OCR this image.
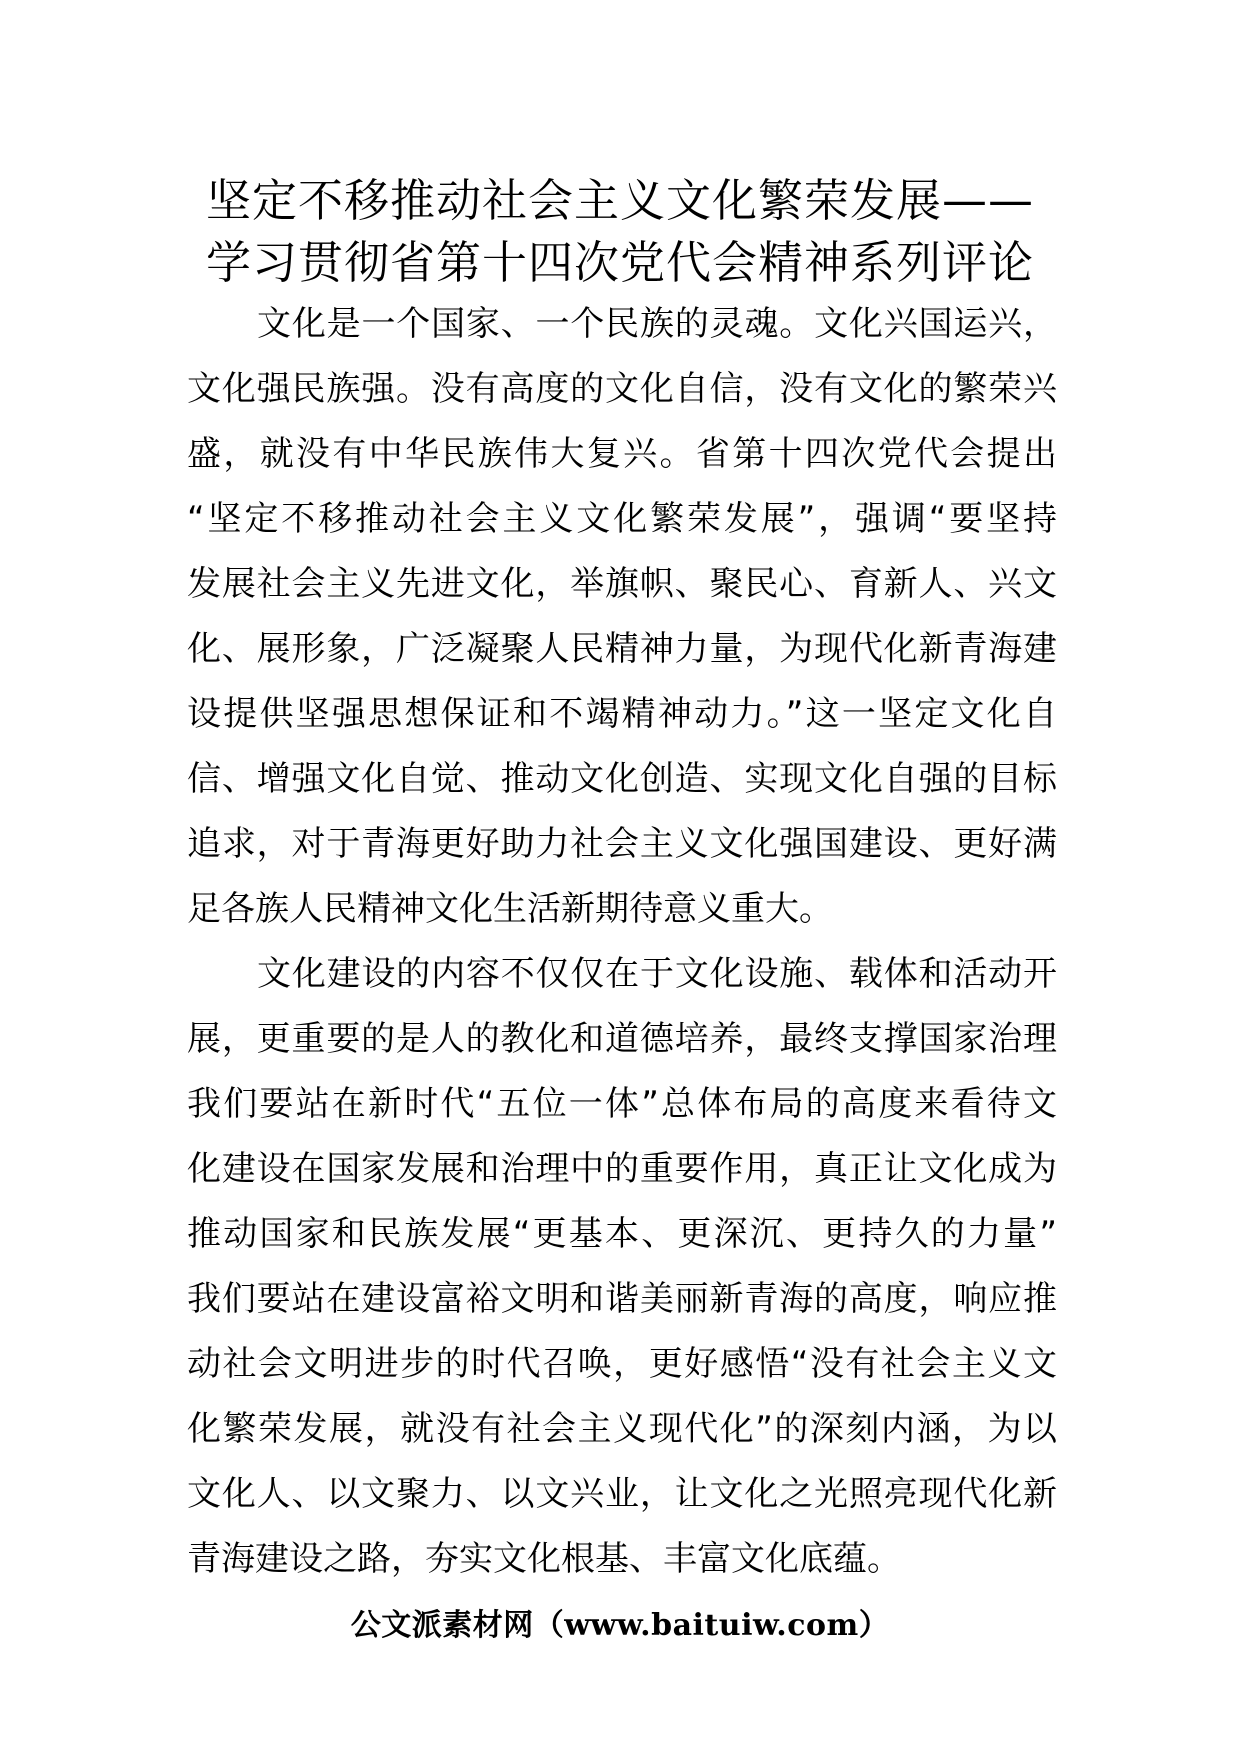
坚定不移推动社会主义文化繁荣发展——
学习贯彻省第十四次党代会精神系列评论
文化是一个国家、一个民族的灵魂。文化兴国运兴，
文化强民族强。没有高度的文化自信，没有文化的繁荣兴
盛，就没有中华民族伟大复兴。省第十四次党代会提出
“坚定不移推动社会主义文化繁荣发展”，强调“要坚持
发展社会主义先进文化，举旗帜、聚民心、育新人、兴文
化、展形象，广泛凝聚人民精神力量，为现代化新青海建
设提供坚强思想保证和不竭精神动力。”这一坚定文化自
信、增强文化自觉、推动文化创造、实现文化自强的目标
追求，对于青海更好助力社会主义文化强国建设、更好满
足各族人民精神文化生活新期待意义重大。
文化建设的内容不仅仅在于文化设施、载体和活动开
展，更重要的是人的教化和道德培养，最终支撑国家治理
我们要站在新时代“五位一体”总体布局的高度来看待文
化建设在国家发展和治理中的重要作用，真正让文化成为
推动国家和民族发展“更基本、更深沉、更持久的力量”
我们要站在建设富裕文明和谐美丽新青海的高度，响应推
动社会文明进步的时代召唤，更好感悟“没有社会主义文
化繁荣发展，就没有社会主义现代化”的深刻内涵，为以
文化人、以文聚力、以文兴业，让文化之光照亮现代化新
青海建设之路，夯实文化根基、丰富文化底蕴。
公文派素材网（www.baituiw.com）
